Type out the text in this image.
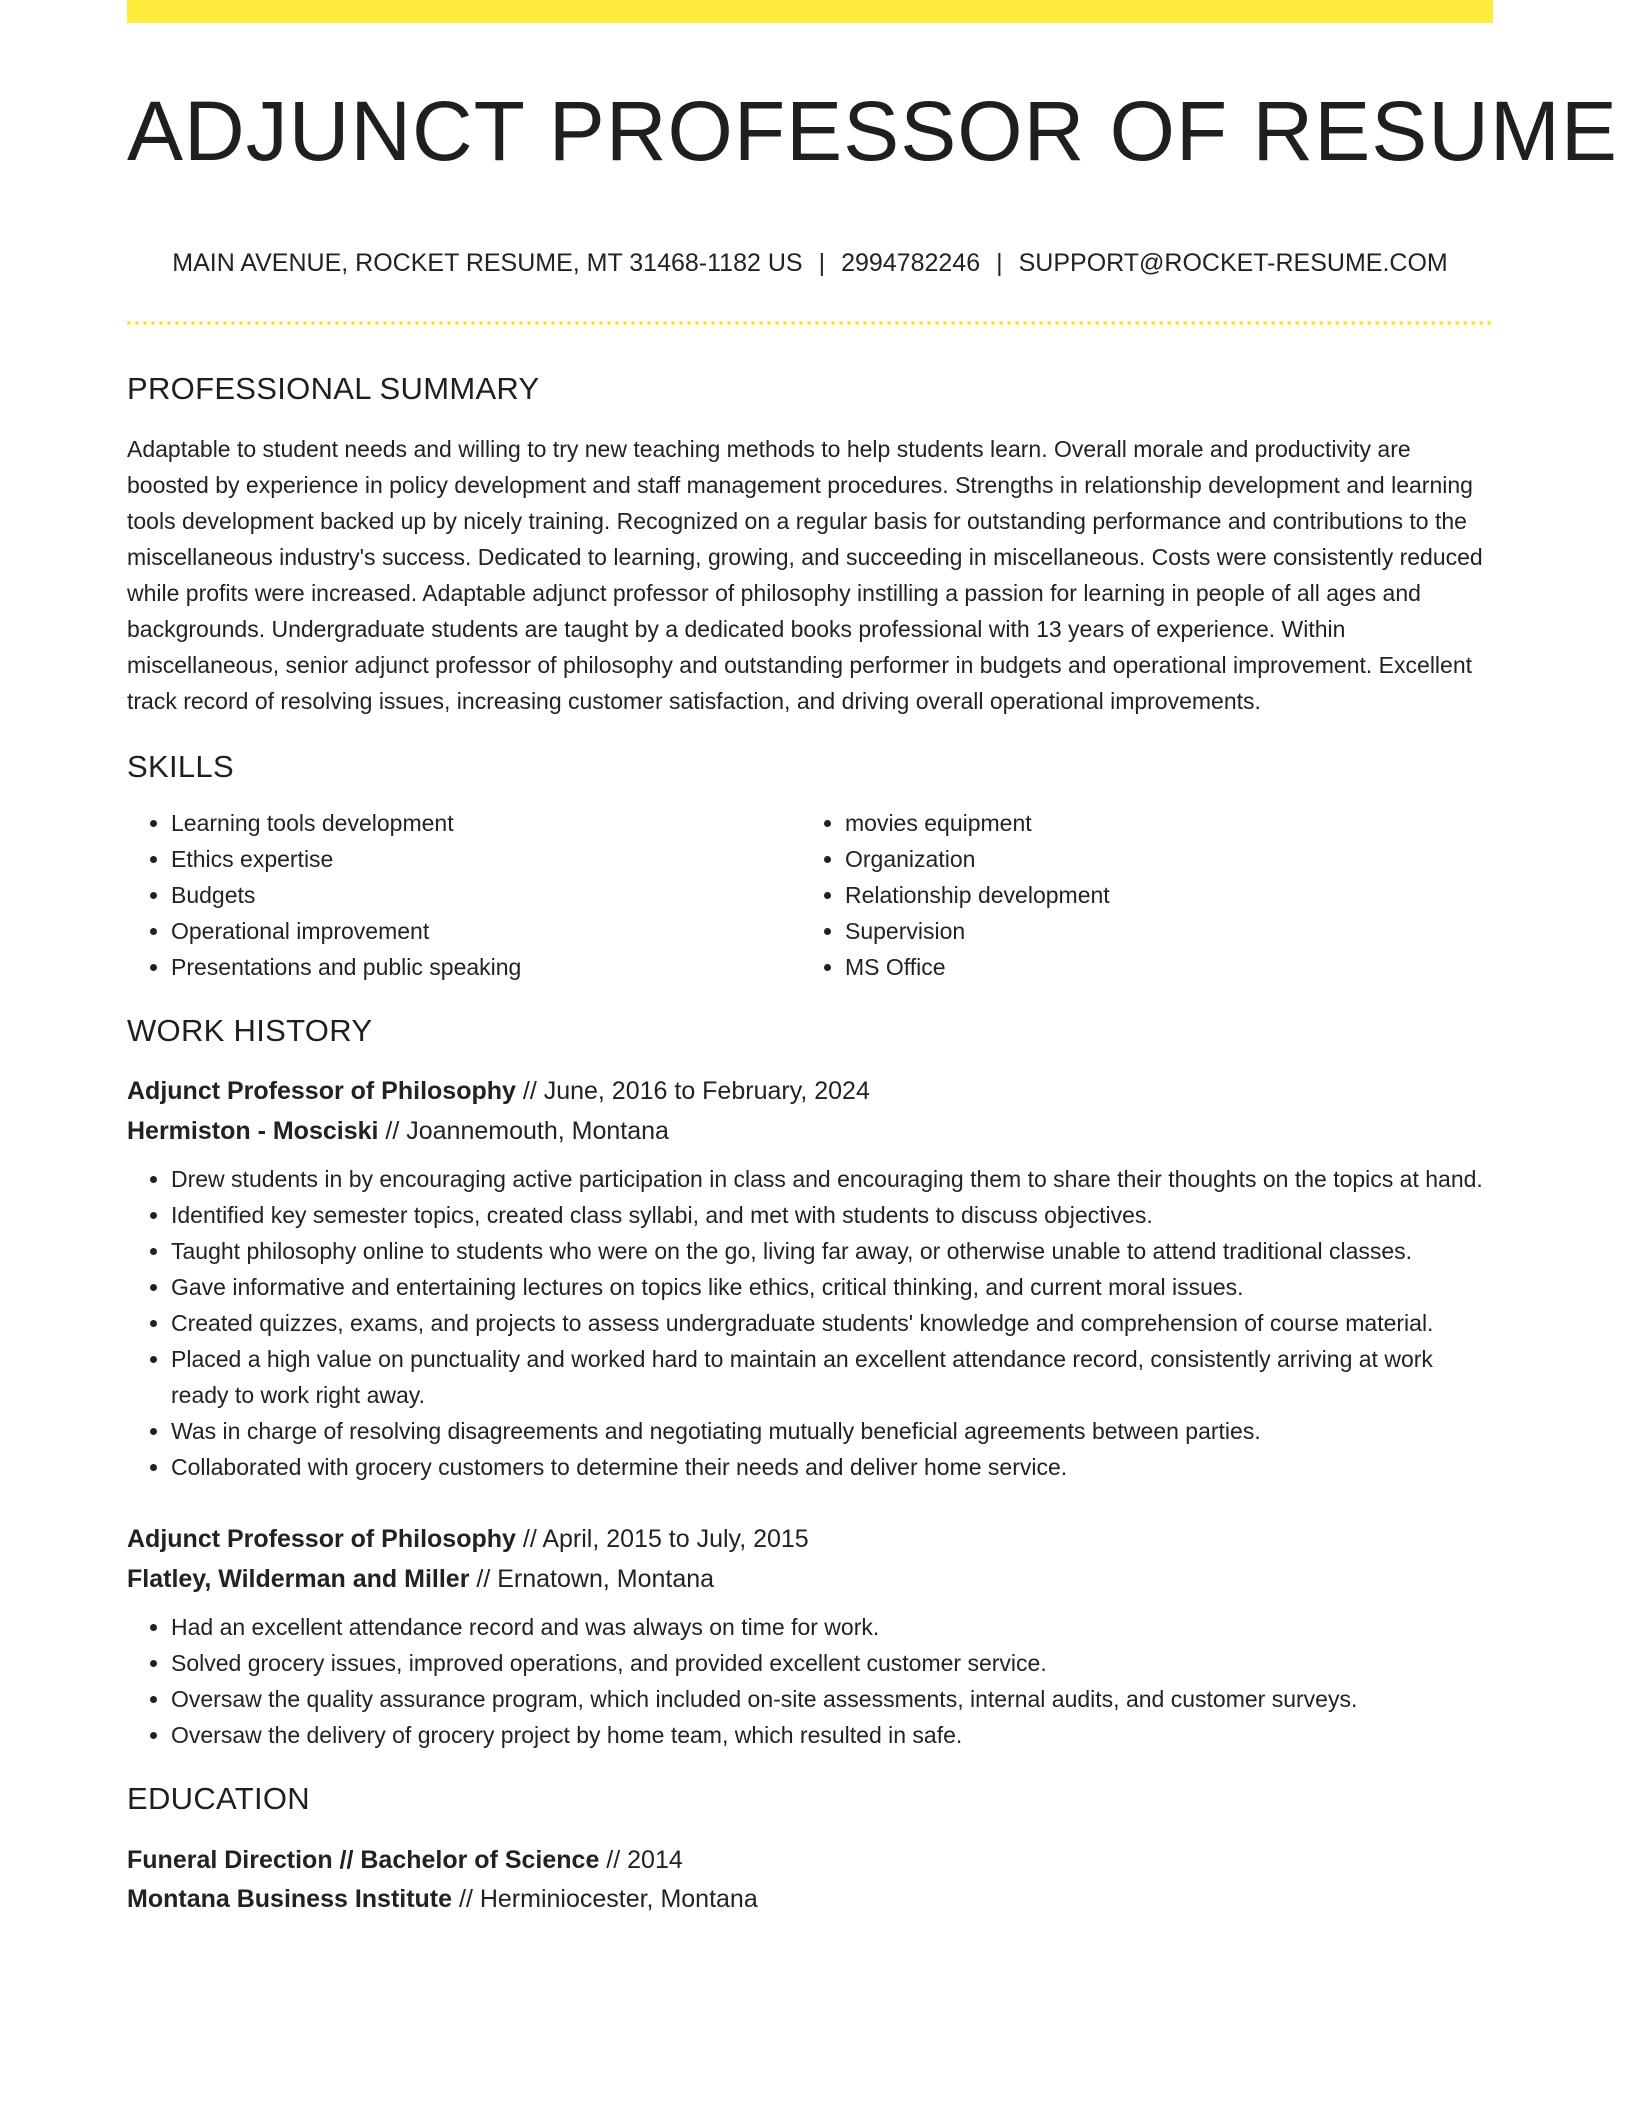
ADJUNCT PROFESSOR OF RESUME
MAIN AVENUE, ROCKET RESUME, MT 31468-1182 US | 2994782246 | SUPPORT@ROCKET-RESUME.COM
PROFESSIONAL SUMMARY
Adaptable to student needs and willing to try new teaching methods to help students learn. Overall morale and productivity are boosted by experience in policy development and staff management procedures. Strengths in relationship development and learning tools development backed up by nicely training. Recognized on a regular basis for outstanding performance and contributions to the miscellaneous industry's success. Dedicated to learning, growing, and succeeding in miscellaneous. Costs were consistently reduced while profits were increased. Adaptable adjunct professor of philosophy instilling a passion for learning in people of all ages and backgrounds. Undergraduate students are taught by a dedicated books professional with 13 years of experience. Within miscellaneous, senior adjunct professor of philosophy and outstanding performer in budgets and operational improvement. Excellent track record of resolving issues, increasing customer satisfaction, and driving overall operational improvements.
SKILLS
• Learning tools development
• Ethics expertise
• Budgets
• Operational improvement
• Presentations and public speaking
• movies equipment
• Organization
• Relationship development
• Supervision
• MS Office
WORK HISTORY
Adjunct Professor of Philosophy // June, 2016 to February, 2024
Hermiston - Mosciski // Joannemouth, Montana
• Drew students in by encouraging active participation in class and encouraging them to share their thoughts on the topics at hand.
• Identified key semester topics, created class syllabi, and met with students to discuss objectives.
• Taught philosophy online to students who were on the go, living far away, or otherwise unable to attend traditional classes.
• Gave informative and entertaining lectures on topics like ethics, critical thinking, and current moral issues.
• Created quizzes, exams, and projects to assess undergraduate students' knowledge and comprehension of course material.
• Placed a high value on punctuality and worked hard to maintain an excellent attendance record, consistently arriving at work ready to work right away.
• Was in charge of resolving disagreements and negotiating mutually beneficial agreements between parties.
• Collaborated with grocery customers to determine their needs and deliver home service.
Adjunct Professor of Philosophy // April, 2015 to July, 2015
Flatley, Wilderman and Miller // Ernatown, Montana
• Had an excellent attendance record and was always on time for work.
• Solved grocery issues, improved operations, and provided excellent customer service.
• Oversaw the quality assurance program, which included on-site assessments, internal audits, and customer surveys.
• Oversaw the delivery of grocery project by home team, which resulted in safe.
EDUCATION
Funeral Direction // Bachelor of Science // 2014
Montana Business Institute // Herminiocester, Montana
